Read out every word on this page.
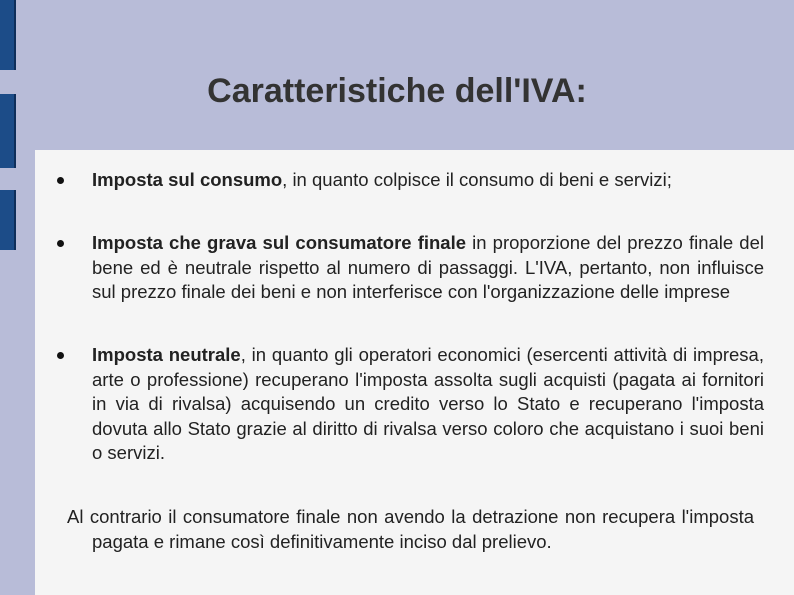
Caratteristiche dell'IVA:
Imposta sul consumo, in quanto colpisce il consumo di beni e servizi;
Imposta che grava sul consumatore finale in proporzione del prezzo finale del bene ed è neutrale rispetto al numero di passaggi. L'IVA, pertanto, non influisce sul prezzo finale dei beni e non interferisce con l'organizzazione delle imprese
Imposta neutrale, in quanto gli operatori economici (esercenti attività di impresa, arte o professione) recuperano l'imposta assolta sugli acquisti (pagata ai fornitori in via di rivalsa) acquisendo un credito verso lo Stato e recuperano l'imposta dovuta allo Stato grazie al diritto di rivalsa verso coloro che acquistano i suoi beni o servizi.
Al contrario il consumatore finale non avendo la detrazione non recupera l'imposta pagata e rimane così definitivamente inciso dal prelievo.
